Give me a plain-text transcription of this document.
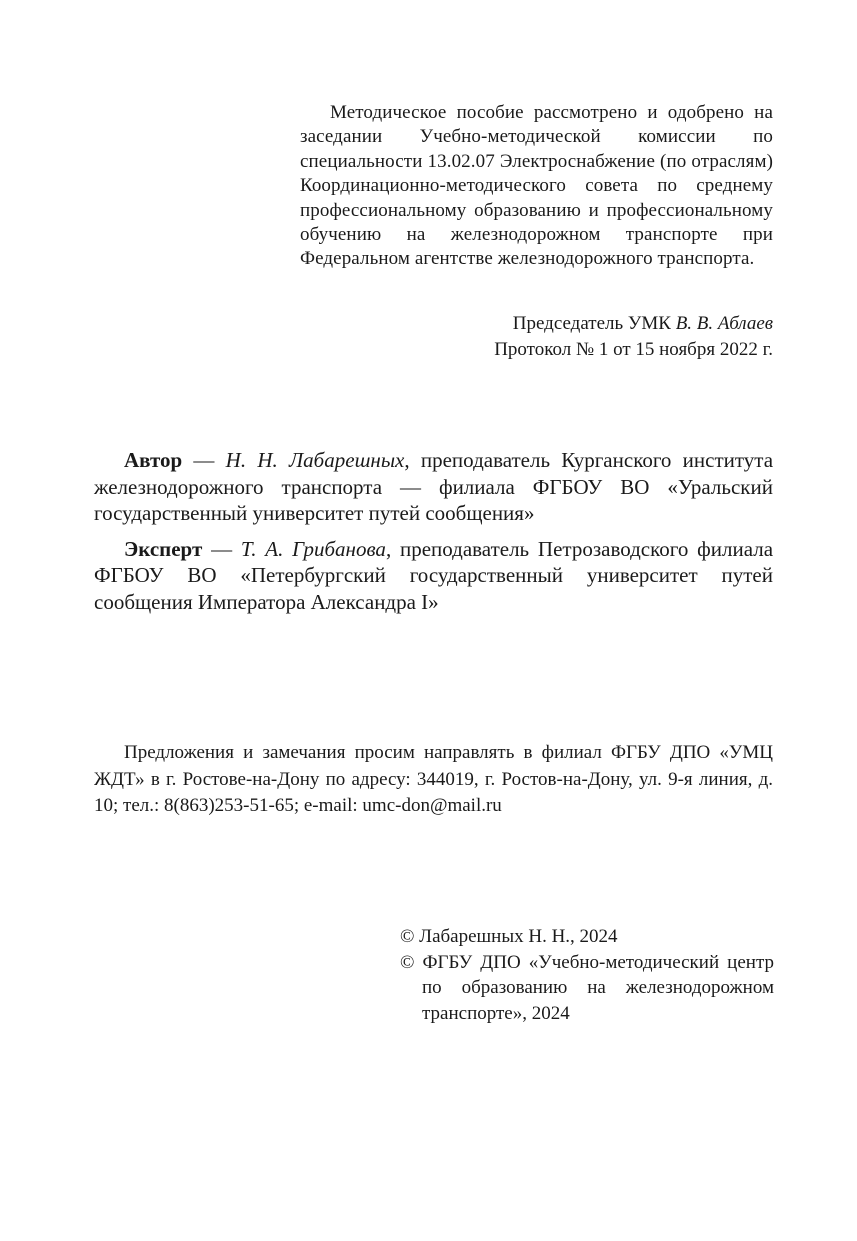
Методическое пособие рассмотрено и одобрено на заседании Учебно-методической комиссии по специальности 13.02.07 Электроснабжение (по отраслям) Координационно-методического совета по среднему профессиональному образованию и профессиональному обучению на железнодорожном транспорте при Федеральном агентстве железнодорожного транспорта.

Председатель УМК В. В. Аблаев
Протокол № 1 от 15 ноября 2022 г.

Автор — Н. Н. Лабарешных, преподаватель Курганского института железнодорожного транспорта — филиала ФГБОУ ВО «Уральский государственный университет путей сообщения»

Эксперт — Т. А. Грибанова, преподаватель Петрозаводского филиала ФГБОУ ВО «Петербургский государственный университет путей сообщения Императора Александра I»

Предложения и замечания просим направлять в филиал ФГБУ ДПО «УМЦ ЖДТ» в г. Ростове-на-Дону по адресу: 344019, г. Ростов-на-Дону, ул. 9-я линия, д. 10; тел.: 8(863)253-51-65; e-mail: umc-don@mail.ru

© Лабарешных Н. Н., 2024
© ФГБУ ДПО «Учебно-методический центр по образованию на железнодорожном транспорте», 2024
